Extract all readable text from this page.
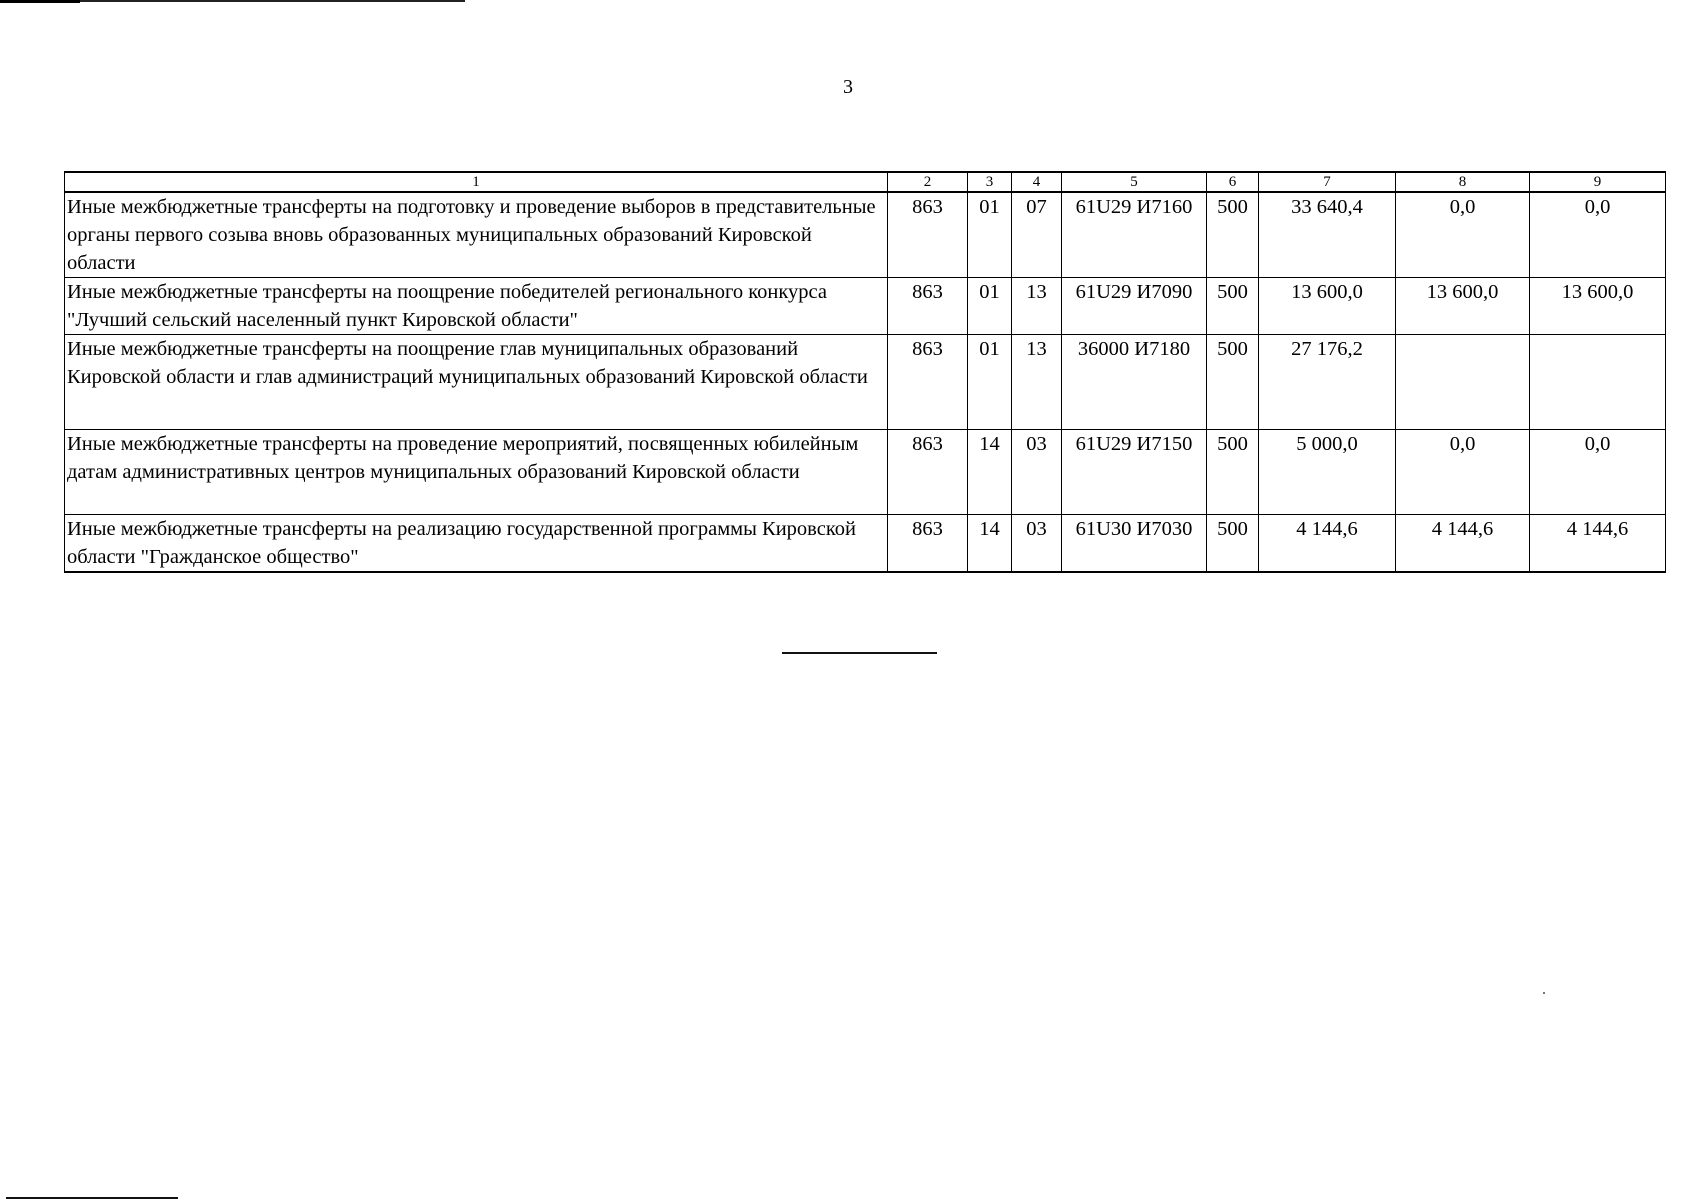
3
1	2	3	4	5	6	7	8	9
Иные межбюджетные трансферты на подготовку и проведение выборов в представительные органы первого созыва вновь образованных муниципальных образований Кировской области	863	01	07	61U29 И7160	500	33 640,4	0,0	0,0
Иные межбюджетные трансферты на поощрение победителей регионального конкурса "Лучший сельский населенный пункт Кировской области"	863	01	13	61U29 И7090	500	13 600,0	13 600,0	13 600,0
Иные межбюджетные трансферты на поощрение глав муниципальных образований Кировской области и глав администраций муниципальных образований Кировской области	863	01	13	36000 И7180	500	27 176,2		
Иные межбюджетные трансферты на проведение мероприятий, посвященных юбилейным датам административных центров муниципальных образований Кировской области	863	14	03	61U29 И7150	500	5 000,0	0,0	0,0
Иные межбюджетные трансферты на реализацию государственной программы Кировской области "Гражданское общество"	863	14	03	61U30 И7030	500	4 144,6	4 144,6	4 144,6
